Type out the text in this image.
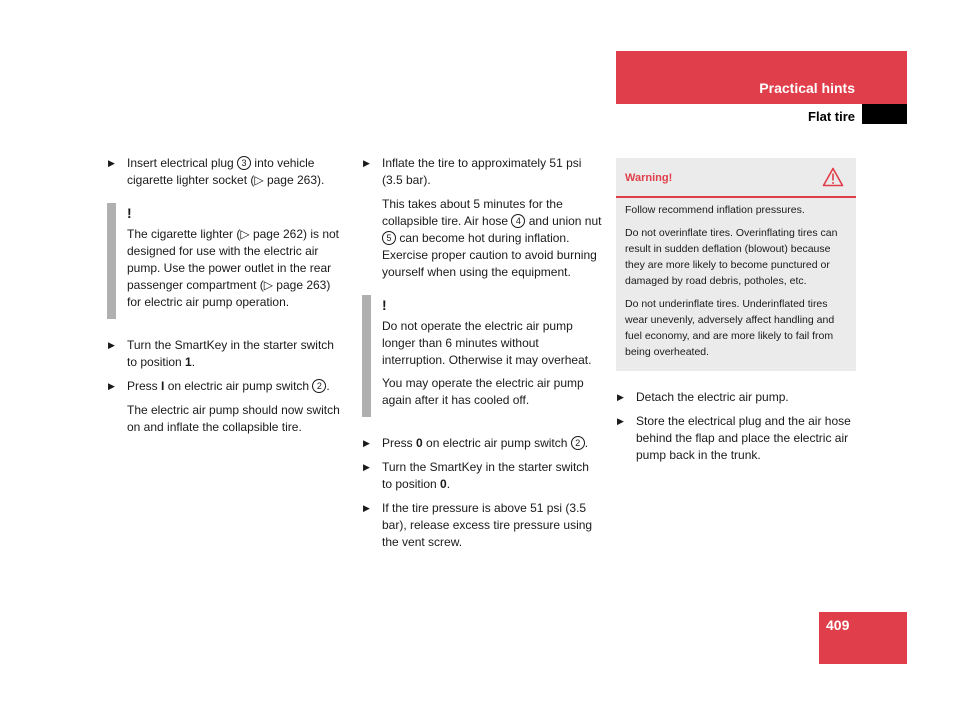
Practical hints
Flat tire
▶ Insert electrical plug 3 into vehicle cigarette lighter socket (▷ page 263).
!

The cigarette lighter (▷ page 262) is not designed for use with the electric air pump. Use the power outlet in the rear passenger compartment (▷ page 263) for electric air pump operation.

▶ Turn the SmartKey in the starter switch to position 1.
▶ Press I on electric air pump switch 2 .
The electric air pump should now switch on and inflate the collapsible tire.
▶ Inflate the tire to approximately 51 psi (3.5 bar).
This takes about 5 minutes for the collapsible tire. Air hose 4 and union nut 5 can become hot during inflation. Exercise proper caution to avoid burning yourself when using the equipment.
!

Do not operate the electric air pump longer than 6 minutes without interruption. Otherwise it may overheat.

You may operate the electric air pump again after it has cooled off.

▶ Press 0 on electric air pump switch 2 .
▶ Turn the SmartKey in the starter switch to position 0.
▶ If the tire pressure is above 51 psi (3.5 bar), release excess tire pressure using the vent screw.
Warning!

Follow recommend inflation pressures.

Do not overinflate tires. Overinflating tires can result in sudden deflation (blowout) because they are more likely to become punctured or damaged by road debris, potholes, etc.

Do not underinflate tires. Underinflated tires wear unevenly, adversely affect handling and fuel economy, and are more likely to fail from being overheated.

▶ Detach the electric air pump.
▶ Store the electrical plug and the air hose behind the flap and place the electric air pump back in the trunk.
409
